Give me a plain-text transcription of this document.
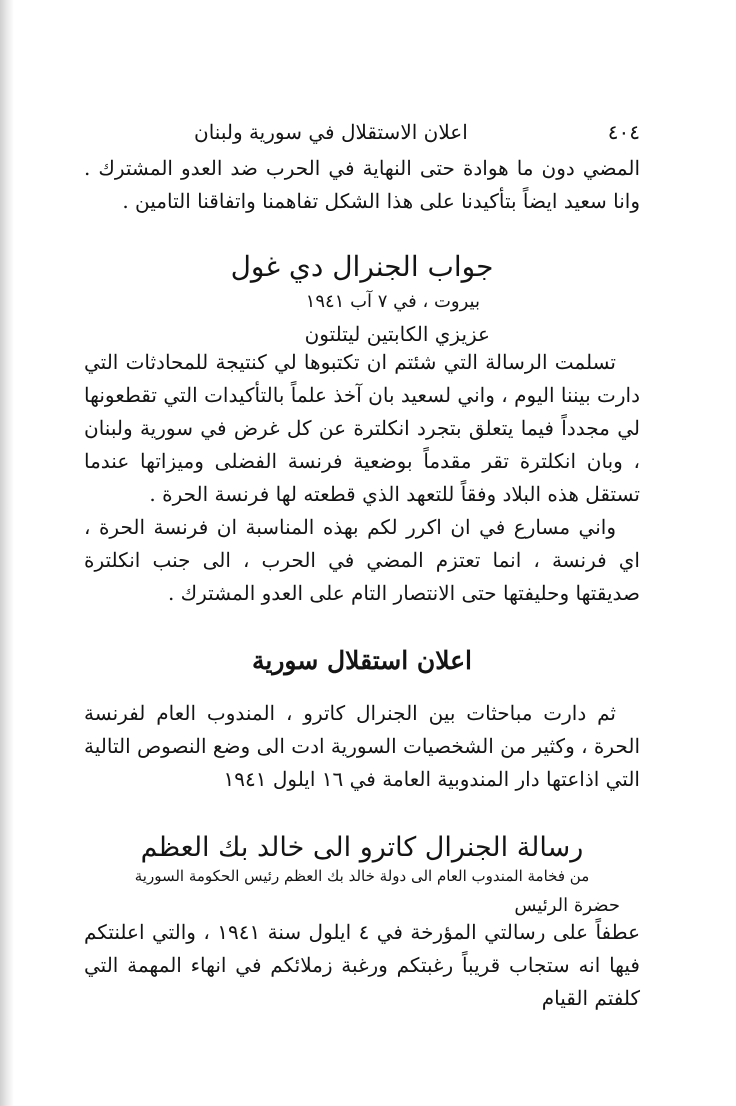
اعلان الاستقلال في سورية ولبنان	٤٠٤

المضي دون ما هوادة حتى النهاية في الحرب ضد العدو المشترك . وانا سعيد ايضاً بتأكيدنا على هذا الشكل تفاهمنا واتفاقنا التامين .

جواب الجنرال دي غول
بيروت ، في ٧ آب ١٩٤١
عزيزي الكابتين ليتلتون

تسلمت الرسالة التي شئتم ان تكتبوها لي كنتيجة للمحادثات التي دارت بيننا اليوم ، واني لسعيد بان آخذ علماً بالتأكيدات التي تقطعونها لي مجدداً فيما يتعلق بتجرد انكلترة عن كل غرض في سورية ولبنان ، وبان انكلترة تقر مقدماً بوضعية فرنسة الفضلى وميزاتها عندما تستقل هذه البلاد وفقاً للتعهد الذي قطعته لها فرنسة الحرة .

واني مسارع في ان اكرر لكم بهذه المناسبة ان فرنسة الحرة ، اي فرنسة ، انما تعتزم المضي في الحرب ، الى جنب انكلترة صديقتها وحليفتها حتى الانتصار التام على العدو المشترك .

اعلان استقلال سورية

ثم دارت مباحثات بين الجنرال كاترو ، المندوب العام لفرنسة الحرة ، وكثير من الشخصيات السورية ادت الى وضع النصوص التالية التي اذاعتها دار المندوبية العامة في ١٦ ايلول ١٩٤١

رسالة الجنرال كاترو الى خالد بك العظم
من فخامة المندوب العام الى دولة خالد بك العظم رئيس الحكومة السورية
حضرة الرئيس

عطفاً على رسالتي المؤرخة في ٤ ايلول سنة ١٩٤١ ، والتي اعلنتكم فيها انه ستجاب قريباً رغبتكم ورغبة زملائكم في انهاء المهمة التي كلفتم القيام
